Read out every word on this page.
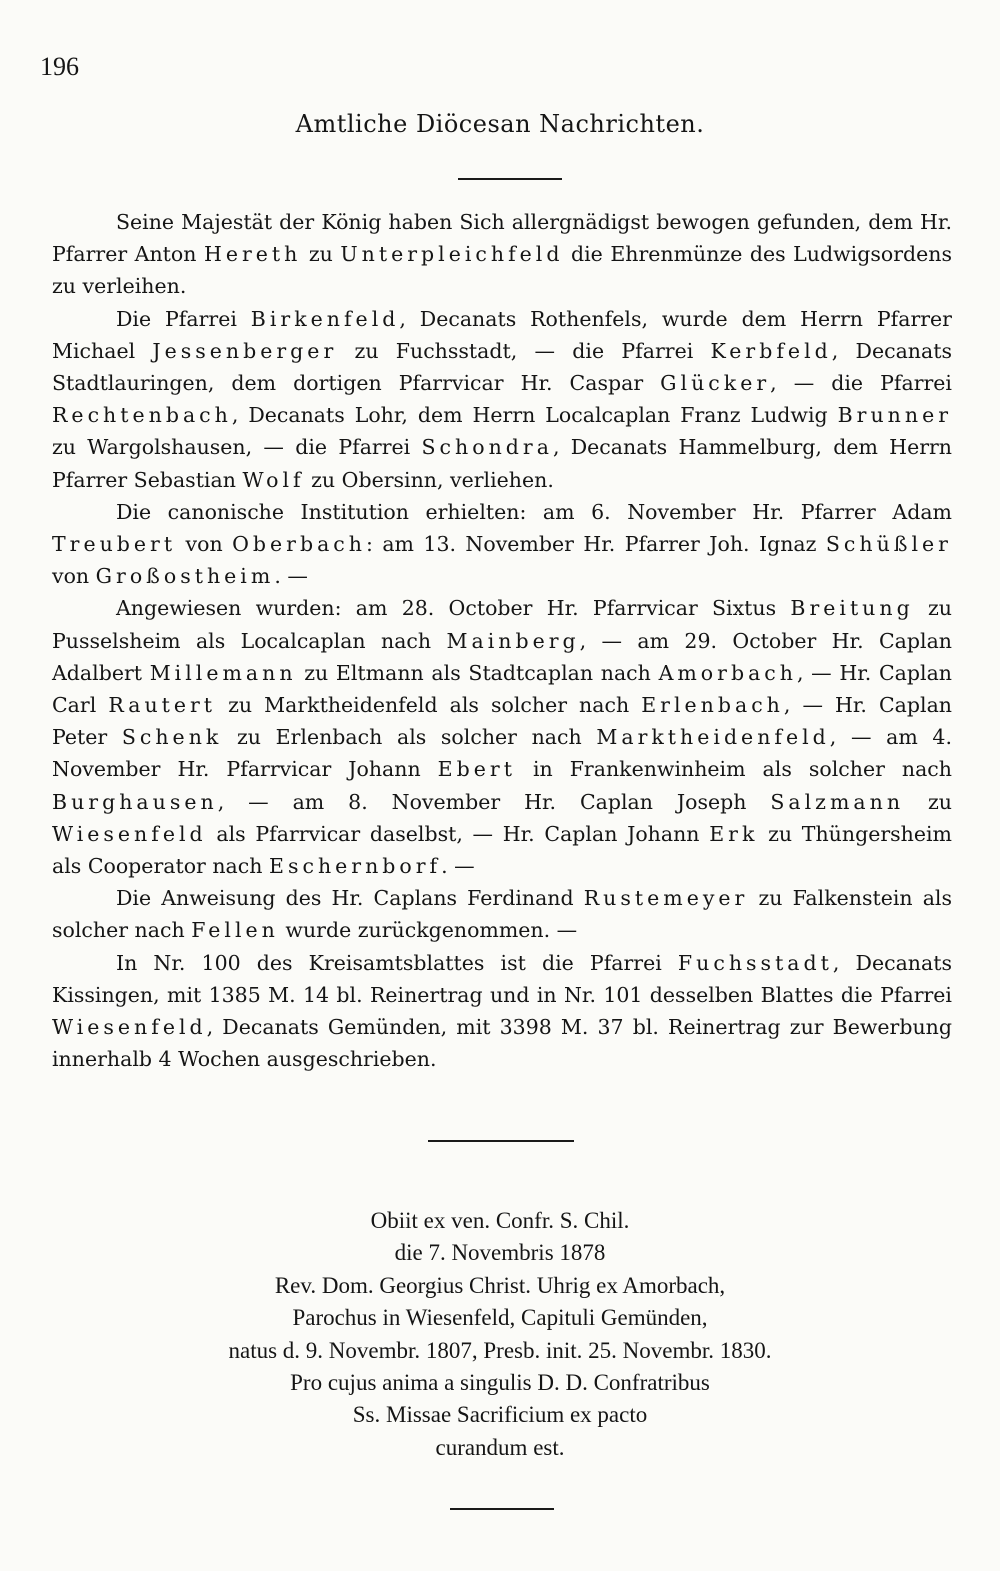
196
Amtliche Diöcesan Nachrichten.

Seine Majestät der König haben Sich allergnädigst bewogen gefunden, dem Hr. Pfarrer Anton Hereth zu Unterpleichfeld die Ehrenmünze des Ludwigsordens zu verleihen.

Die Pfarrei Birkenfeld, Decanats Rothenfels, wurde dem Herrn Pfarrer Michael Jessenberger zu Fuchsstadt, — die Pfarrei Kerbfeld, Decanats Stadtlauringen, dem dortigen Pfarrvicar Hr. Caspar Glücker, — die Pfarrei Rechtenbach, Decanats Lohr, dem Herrn Localcaplan Franz Ludwig Brunner zu Wargolshausen, — die Pfarrei Schondra, Decanats Hammelburg, dem Herrn Pfarrer Sebastian Wolf zu Obersinn, verliehen.

Die canonische Institution erhielten: am 6. November Hr. Pfarrer Adam Treubert von Oberbach: am 13. November Hr. Pfarrer Joh. Ignaz Schüßler von Großostheim. —

Angewiesen wurden: am 28. October Hr. Pfarrvicar Sixtus Breitung zu Pusselsheim als Localcaplan nach Mainberg, — am 29. October Hr. Caplan Adalbert Millemann zu Eltmann als Stadtcaplan nach Amorbach, — Hr. Caplan Carl Rautert zu Marktheidenfeld als solcher nach Erlenbach, — Hr. Caplan Peter Schenk zu Erlenbach als solcher nach Marktheidenfeld, — am 4. November Hr. Pfarrvicar Johann Ebert in Frankenwinheim als solcher nach Burghausen, — am 8. November Hr. Caplan Joseph Salzmann zu Wiesenfeld als Pfarrvicar daselbst, — Hr. Caplan Johann Erk zu Thüngersheim als Cooperator nach Eschernborf. —

Die Anweisung des Hr. Caplans Ferdinand Rustemeyer zu Falkenstein als solcher nach Fellen wurde zurückgenommen. —

In Nr. 100 des Kreisamtsblattes ist die Pfarrei Fuchsstadt, Decanats Kissingen, mit 1385 M. 14 bl. Reinertrag und in Nr. 101 desselben Blattes die Pfarrei Wiesenfeld, Decanats Gemünden, mit 3398 M. 37 bl. Reinertrag zur Bewerbung innerhalb 4 Wochen ausgeschrieben.

Obiit ex ven. Confr. S. Chil.
die 7. Novembris 1878
Rev. Dom. Georgius Christ. Uhrig ex Amorbach,
Parochus in Wiesenfeld, Capituli Gemünden,
natus d. 9. Novembr. 1807, Presb. init. 25. Novembr. 1830.
Pro cujus anima a singulis D. D. Confratribus
Ss. Missae Sacrificium ex pacto
curandum est.
